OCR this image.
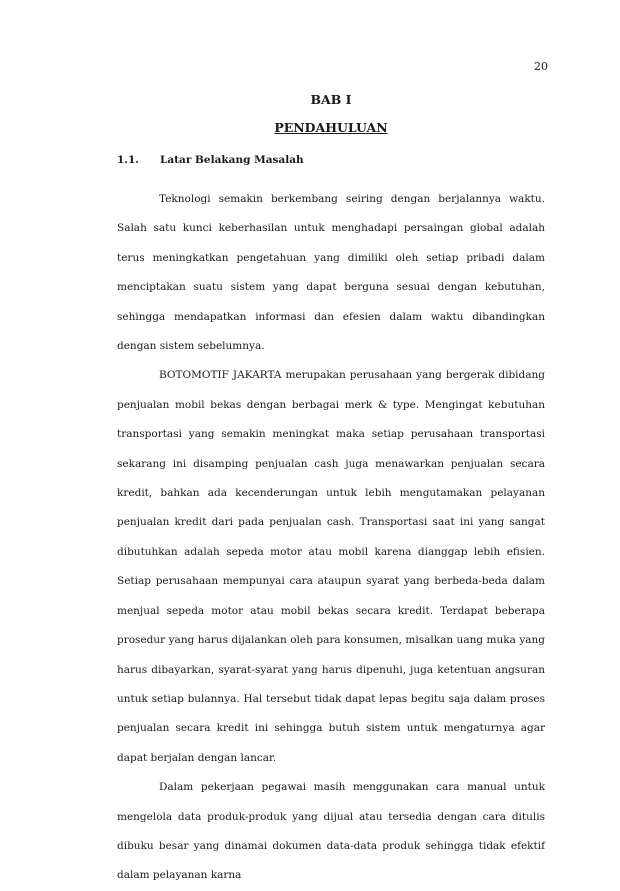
20
BAB I
PENDAHULUAN
1.1. Latar Belakang Masalah

Teknologi semakin berkembang seiring dengan berjalannya waktu. Salah satu kunci keberhasilan untuk menghadapi persaingan global adalah terus meningkatkan pengetahuan yang dimiliki oleh setiap pribadi dalam menciptakan suatu sistem yang dapat berguna sesuai dengan kebutuhan, sehingga mendapatkan informasi dan efesien dalam waktu dibandingkan dengan sistem sebelumnya.

BOTOMOTIF JAKARTA merupakan perusahaan yang bergerak dibidang penjualan mobil bekas dengan berbagai merk & type. Mengingat kebutuhan transportasi yang semakin meningkat maka setiap perusahaan transportasi sekarang ini disamping penjualan cash juga menawarkan penjualan secara kredit, bahkan ada kecenderungan untuk lebih mengutamakan pelayanan penjualan kredit dari pada penjualan cash. Transportasi saat ini yang sangat dibutuhkan adalah sepeda motor atau mobil karena dianggap lebih efisien. Setiap perusahaan mempunyai cara ataupun syarat yang berbeda-beda dalam menjual sepeda motor atau mobil bekas secara kredit. Terdapat beberapa prosedur yang harus dijalankan oleh para konsumen, misalkan uang muka yang harus dibayarkan, syarat-syarat yang harus dipenuhi, juga ketentuan angsuran untuk setiap bulannya. Hal tersebut tidak dapat lepas begitu saja dalam proses penjualan secara kredit ini sehingga butuh sistem untuk mengaturnya agar dapat berjalan dengan lancar.

Dalam pekerjaan pegawai masih menggunakan cara manual untuk mengelola data produk-produk yang dijual atau tersedia dengan cara ditulis dibuku besar yang dinamai dokumen data-data produk sehingga tidak efektif dalam pelayanan karna
